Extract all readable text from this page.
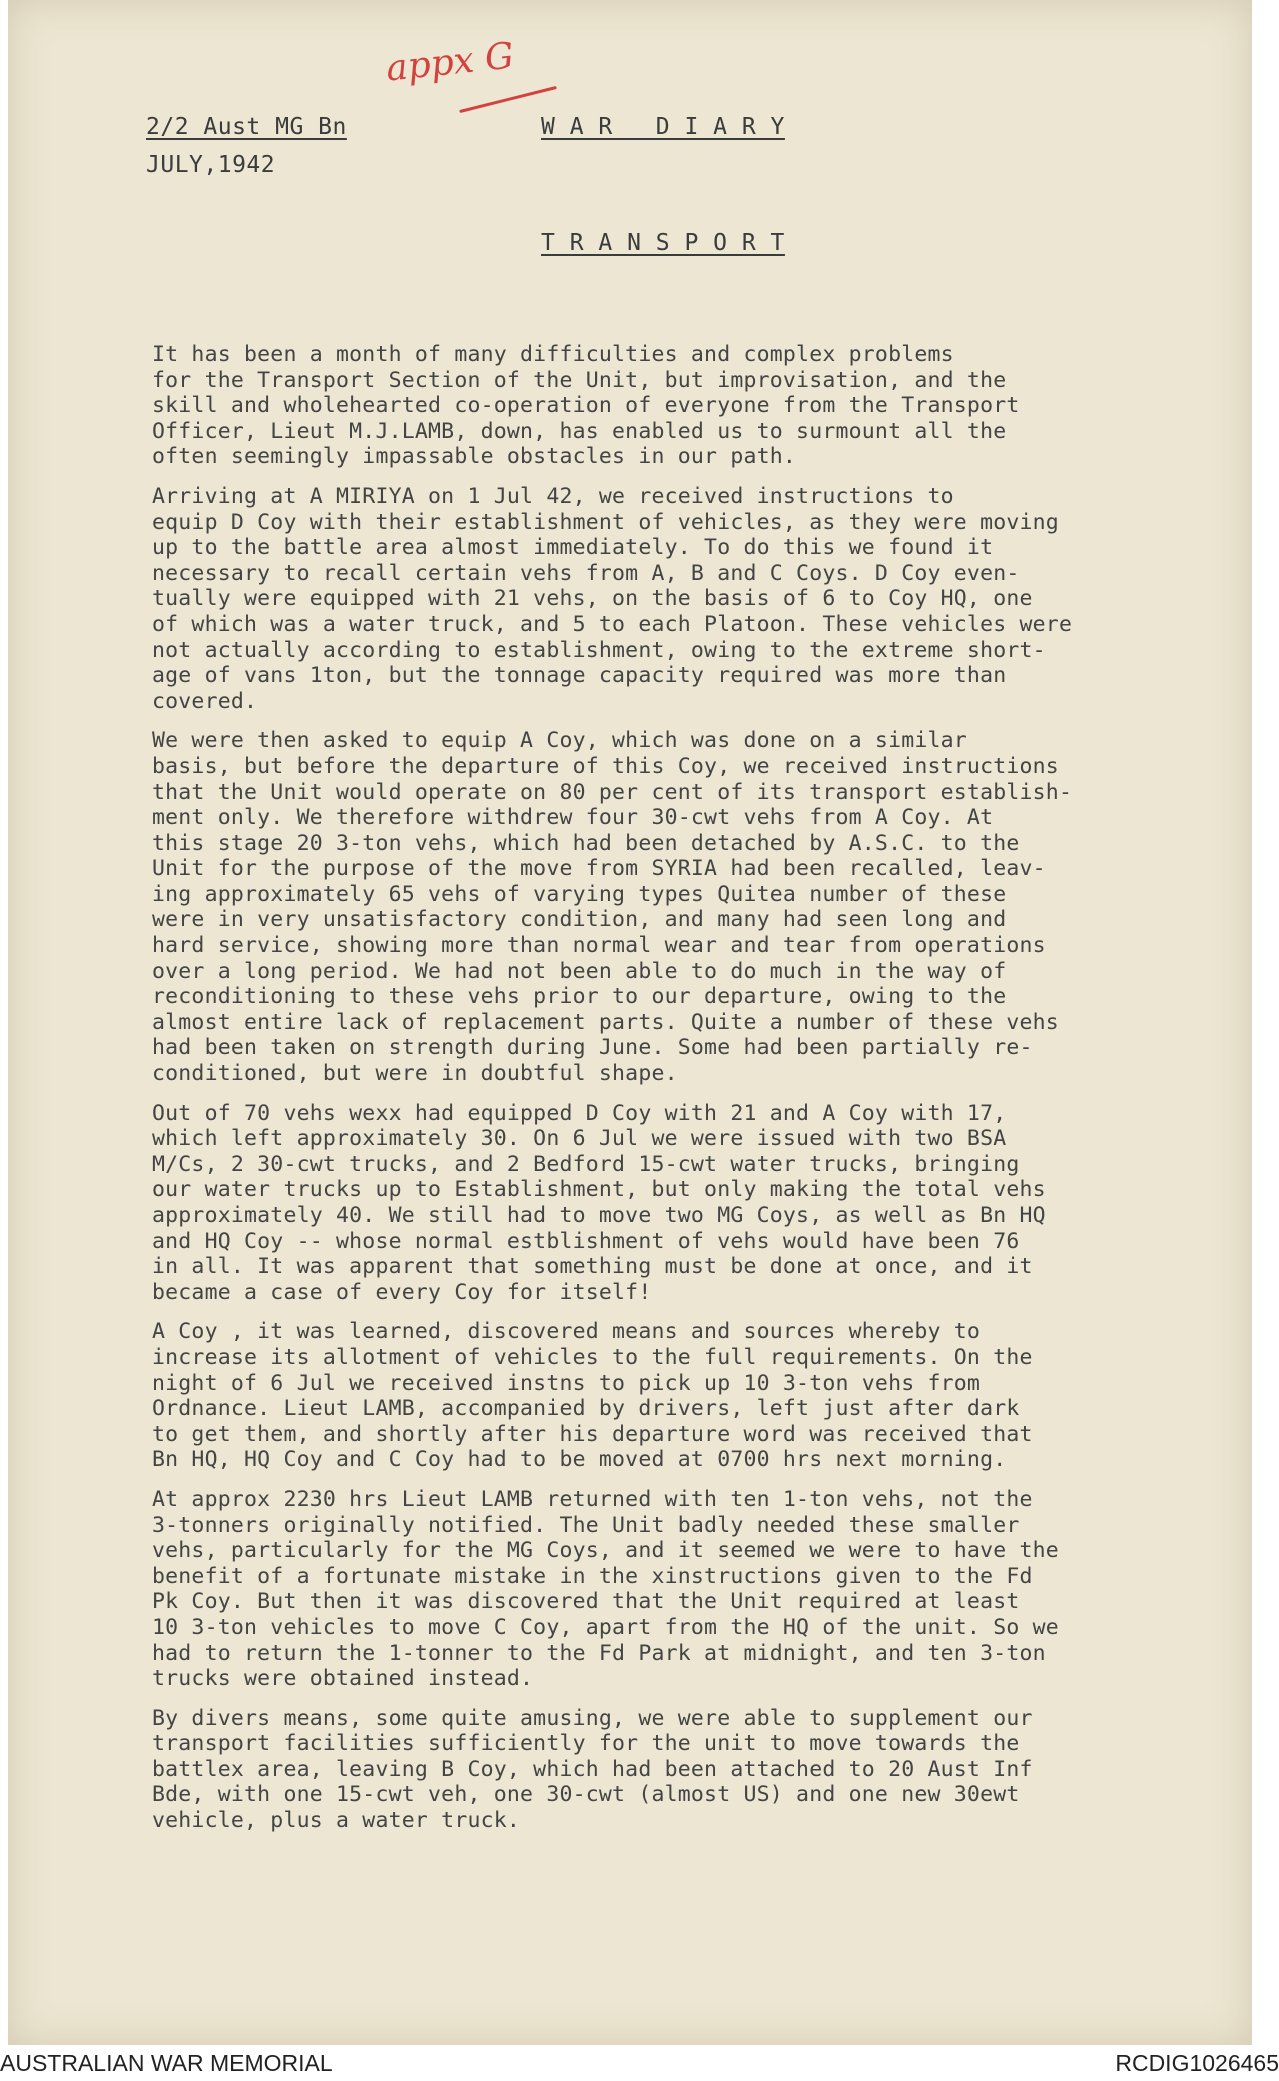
appx G
2/2 Aust MG Bn	W A R   D I A R Y
JULY,1942
T R A N S P O R T

It has been a month of many difficulties and complex problems
for the Transport Section of the Unit, but improvisation, and the
skill and wholehearted co-operation of everyone from the Transport
Officer, Lieut M.J.LAMB, down, has enabled us to surmount all the
often seemingly impassable obstacles in our path.

Arriving at A MIRIYA on 1 Jul 42, we received instructions to
equip D Coy with their establishment of vehicles, as they were moving
up to the battle area almost immediately. To do this we found it
necessary to recall certain vehs from A, B and C Coys. D Coy even-
tually were equipped with 21 vehs, on the basis of 6 to Coy HQ, one
of which was a water truck, and 5 to each Platoon. These vehicles were
not actually according to establishment, owing to the extreme short-
age of vans 1ton, but the tonnage capacity required was more than
covered.

We were then asked to equip A Coy, which was done on a similar
basis, but before the departure of this Coy, we received instructions
that the Unit would operate on 80 per cent of its transport establish-
ment only. We therefore withdrew four 30-cwt vehs from A Coy. At
this stage 20 3-ton vehs, which had been detached by A.S.C. to the
Unit for the purpose of the move from SYRIA had been recalled, leav-
ing approximately 65 vehs of varying types Quitea number of these
were in very unsatisfactory condition, and many had seen long and
hard service, showing more than normal wear and tear from operations
over a long period. We had not been able to do much in the way of
reconditioning to these vehs prior to our departure, owing to the
almost entire lack of replacement parts. Quite a number of these vehs
had been taken on strength during June. Some had been partially re-
conditioned, but were in doubtful shape.

Out of 70 vehs wexx had equipped D Coy with 21 and A Coy with 17,
which left approximately 30. On 6 Jul we were issued with two BSA
M/Cs, 2 30-cwt trucks, and 2 Bedford 15-cwt water trucks, bringing
our water trucks up to Establishment, but only making the total vehs
approximately 40. We still had to move two MG Coys, as well as Bn HQ
and HQ Coy -- whose normal estblishment of vehs would have been 76
in all. It was apparent that something must be done at once, and it
became a case of every Coy for itself!

A Coy , it was learned, discovered means and sources whereby to
increase its allotment of vehicles to the full requirements. On the
night of 6 Jul we received instns to pick up 10 3-ton vehs from
Ordnance. Lieut LAMB, accompanied by drivers, left just after dark
to get them, and shortly after his departure word was received that
Bn HQ, HQ Coy and C Coy had to be moved at 0700 hrs next morning.

At approx 2230 hrs Lieut LAMB returned with ten 1-ton vehs, not the
3-tonners originally notified. The Unit badly needed these smaller
vehs, particularly for the MG Coys, and it seemed we were to have the
benefit of a fortunate mistake in the xinstructions given to the Fd
Pk Coy. But then it was discovered that the Unit required at least
10 3-ton vehicles to move C Coy, apart from the HQ of the unit. So we
had to return the 1-tonner to the Fd Park at midnight, and ten 3-ton
trucks were obtained instead.

By divers means, some quite amusing, we were able to supplement our
transport facilities sufficiently for the unit to move towards the
battlex area, leaving B Coy, which had been attached to 20 Aust Inf
Bde, with one 15-cwt veh, one 30-cwt (almost US) and one new 30ewt
vehicle, plus a water truck.

AUSTRALIAN WAR MEMORIAL	RCDIG1026465
